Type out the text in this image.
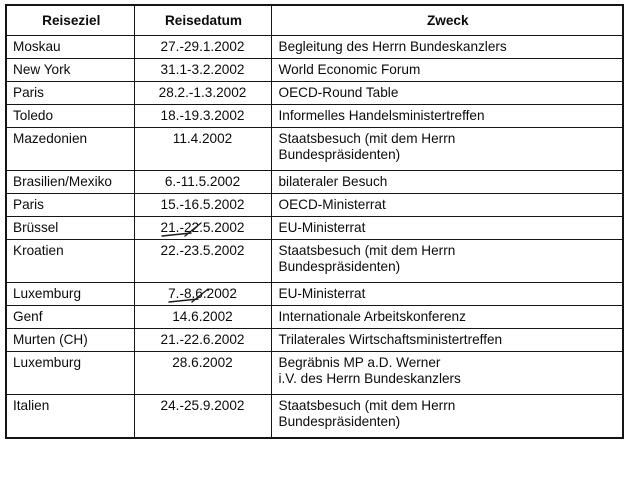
Reiseziel	Reisedatum	Zweck
Moskau	27.-29.1.2002	Begleitung des Herrn Bundeskanzlers

New York	31.1-3.2.2002	World Economic Forum

Paris	28.2.-1.3.2002	OECD-Round Table

Toledo	18.-19.3.2002	Informelles Handelsministertreffen

Mazedonien	11.4.2002	Staatsbesuch (mit dem Herrn
Bundespräsidenten)

Brasilien/Mexiko	6.-11.5.2002	bilateraler Besuch

Paris	15.-16.5.2002	OECD-Ministerrat

Brüssel	21.-22.5.2002	EU-Ministerrat

Kroatien	22.-23.5.2002	Staatsbesuch (mit dem Herrn
Bundespräsidenten)

Luxemburg	7.-8.6.2002	EU-Ministerrat

Genf	14.6.2002	Internationale Arbeitskonferenz

Murten (CH)	21.-22.6.2002	Trilaterales Wirtschaftsministertreffen

Luxemburg	28.6.2002	Begräbnis MP a.D. Werner
i.V. des Herrn Bundeskanzlers

Italien	24.-25.9.2002	Staatsbesuch (mit dem Herrn
Bundespräsidenten)
